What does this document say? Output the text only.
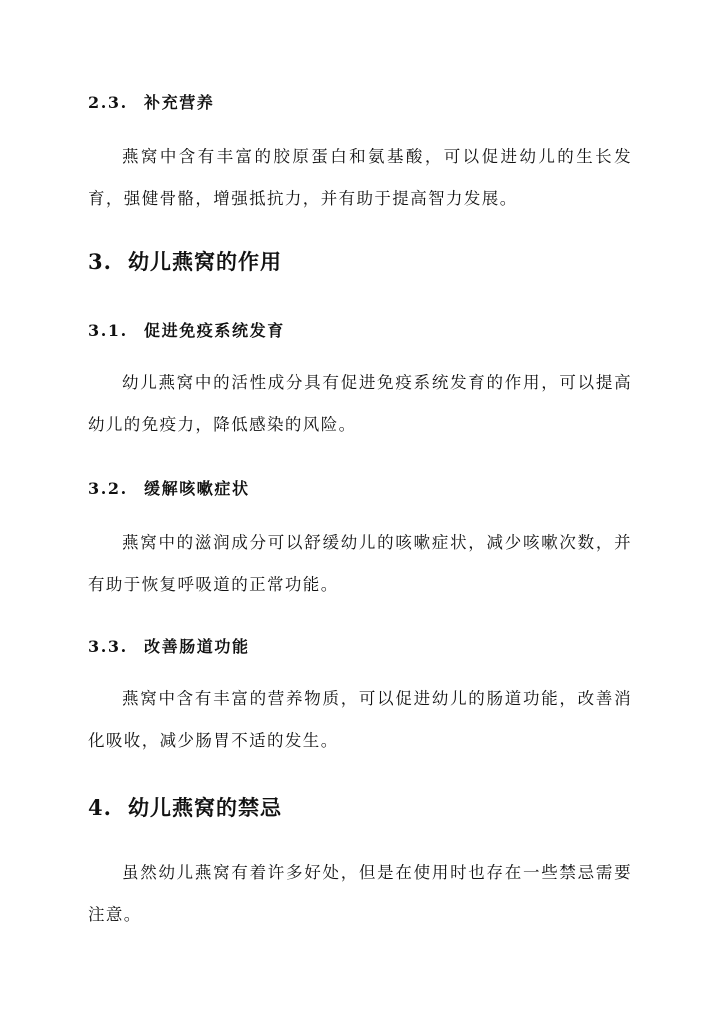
2.3. 补充营养

燕窝中含有丰富的胶原蛋白和氨基酸，可以促进幼儿的生长发育，强健骨骼，增强抵抗力，并有助于提高智力发展。

3. 幼儿燕窝的作用
3.1. 促进免疫系统发育

幼儿燕窝中的活性成分具有促进免疫系统发育的作用，可以提高幼儿的免疫力，降低感染的风险。

3.2. 缓解咳嗽症状

燕窝中的滋润成分可以舒缓幼儿的咳嗽症状，减少咳嗽次数，并有助于恢复呼吸道的正常功能。

3.3. 改善肠道功能

燕窝中含有丰富的营养物质，可以促进幼儿的肠道功能，改善消化吸收，减少肠胃不适的发生。

4. 幼儿燕窝的禁忌

虽然幼儿燕窝有着许多好处，但是在使用时也存在一些禁忌需要注意。
